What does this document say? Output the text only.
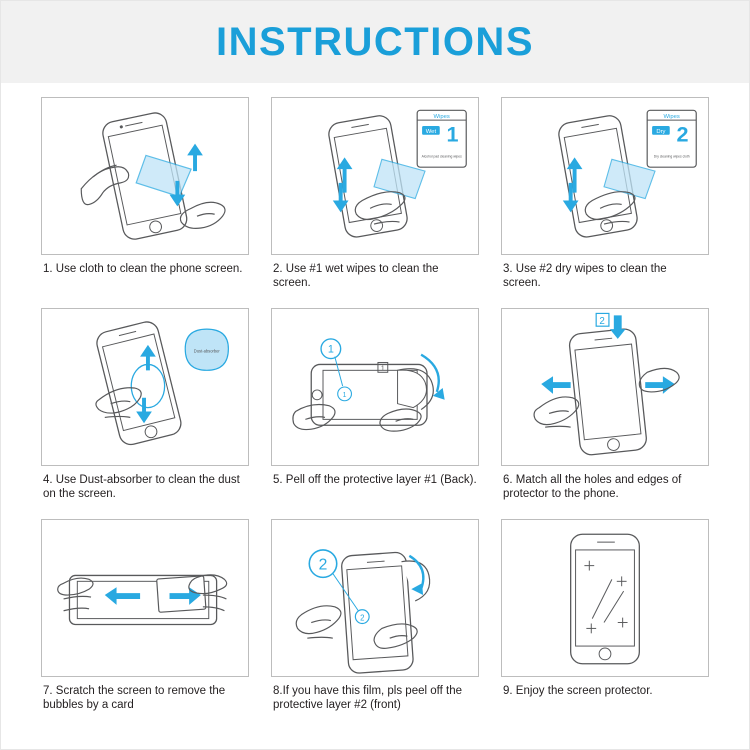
INSTRUCTIONS
1. Use cloth to clean the phone screen.
Wipes
Wet 1
Alcohol pad cleaning wipes
2. Use #1 wet wipes to clean the screen.
Wipes
Dry 2
Dry cleaning wipes cloth
3. Use #2 dry wipes to clean the screen.
Dust-absorber
4. Use Dust-absorber to clean the dust on the screen.
1
1
1
5. Pell off the protective layer #1 (Back).
2
6. Match all the holes and edges of protector to the phone.
7. Scratch the screen to remove the bubbles by a card
2
2
8.If you have this film, pls peel off the protective layer #2 (front)
9. Enjoy the screen protector.
